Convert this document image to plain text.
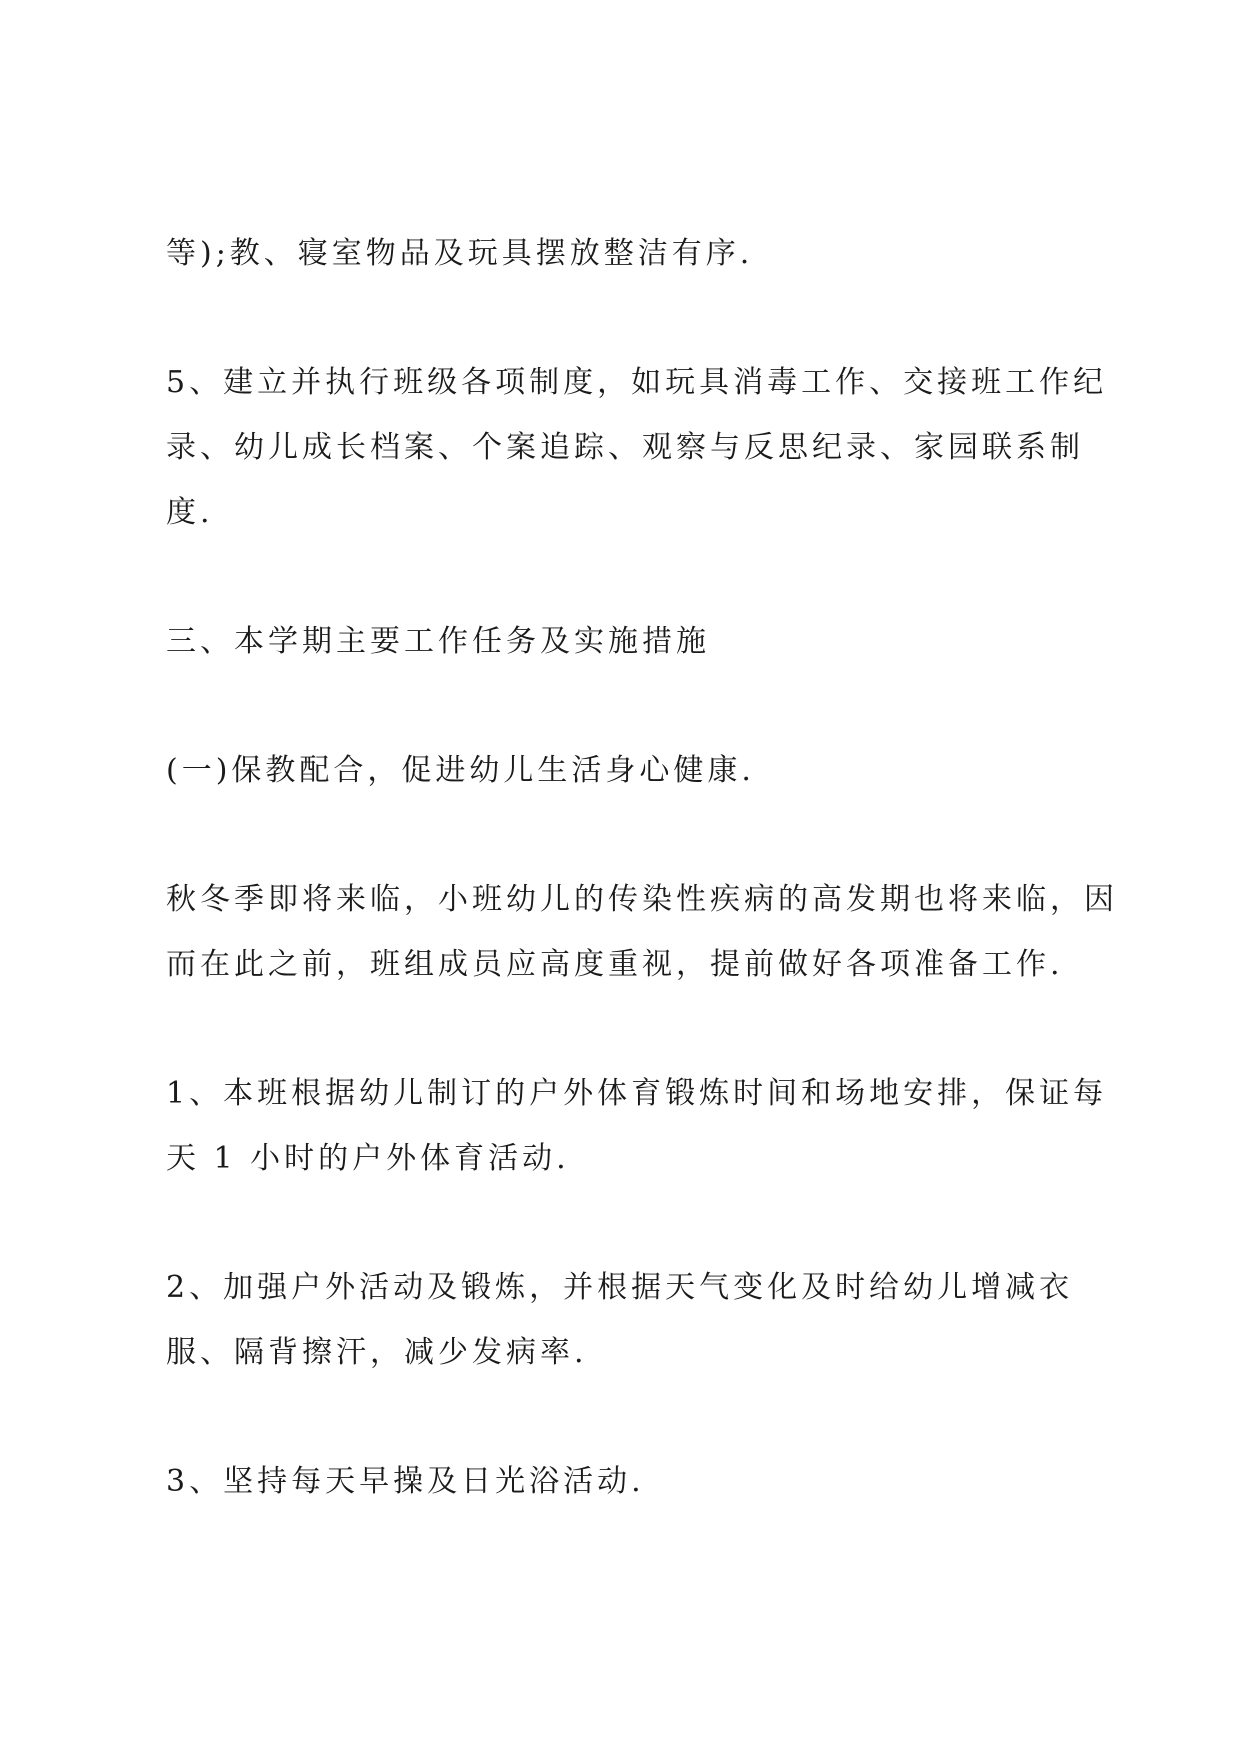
等);教、寝室物品及玩具摆放整洁有序.
5、建立并执行班级各项制度，如玩具消毒工作、交接班工作纪
录、幼儿成长档案、个案追踪、观察与反思纪录、家园联系制
度.
三、本学期主要工作任务及实施措施
(一)保教配合，促进幼儿生活身心健康.
秋冬季即将来临，小班幼儿的传染性疾病的高发期也将来临，因
而在此之前，班组成员应高度重视，提前做好各项准备工作.
1、本班根据幼儿制订的户外体育锻炼时间和场地安排，保证每
天 1 小时的户外体育活动.
2、加强户外活动及锻炼，并根据天气变化及时给幼儿增减衣
服、隔背擦汗，减少发病率.
3、坚持每天早操及日光浴活动.
